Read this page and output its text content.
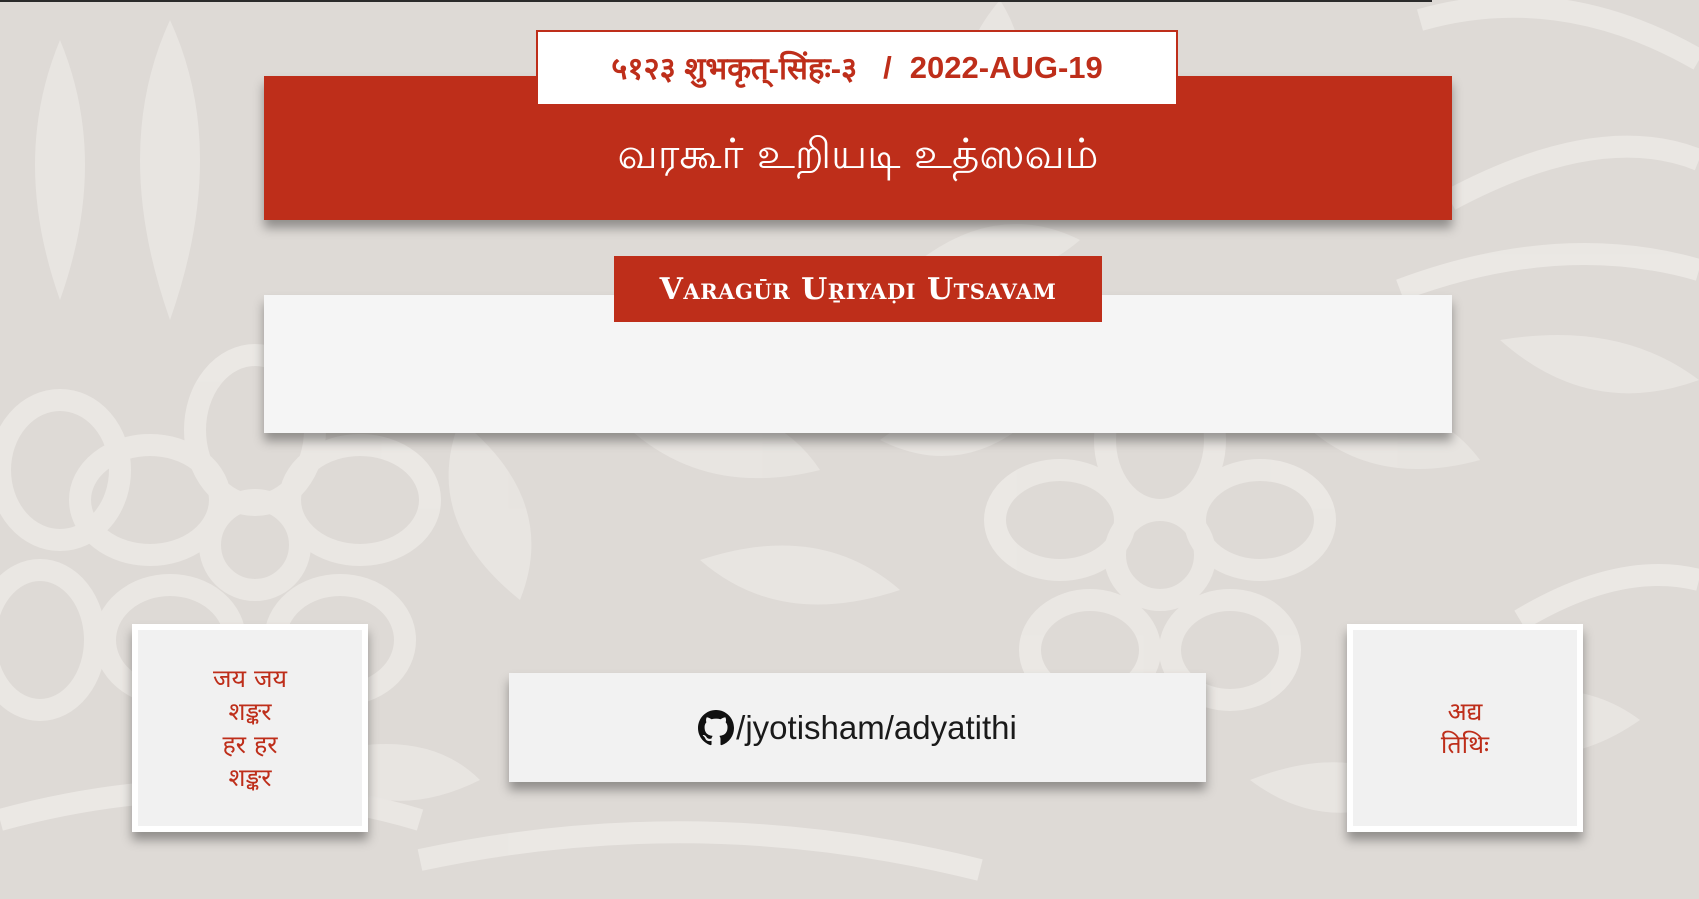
வரகூர் உறியடி உத்ஸவம்
५१२३ शुभकृत्-सिंहः-३ / 2022-AUG-19
Varagūr Uṟiyaḍi Utsavam
जय जय
शङ्कर
हर हर
शङ्कर
/jyotisham/adyatithi	अद्य
तिथिः
